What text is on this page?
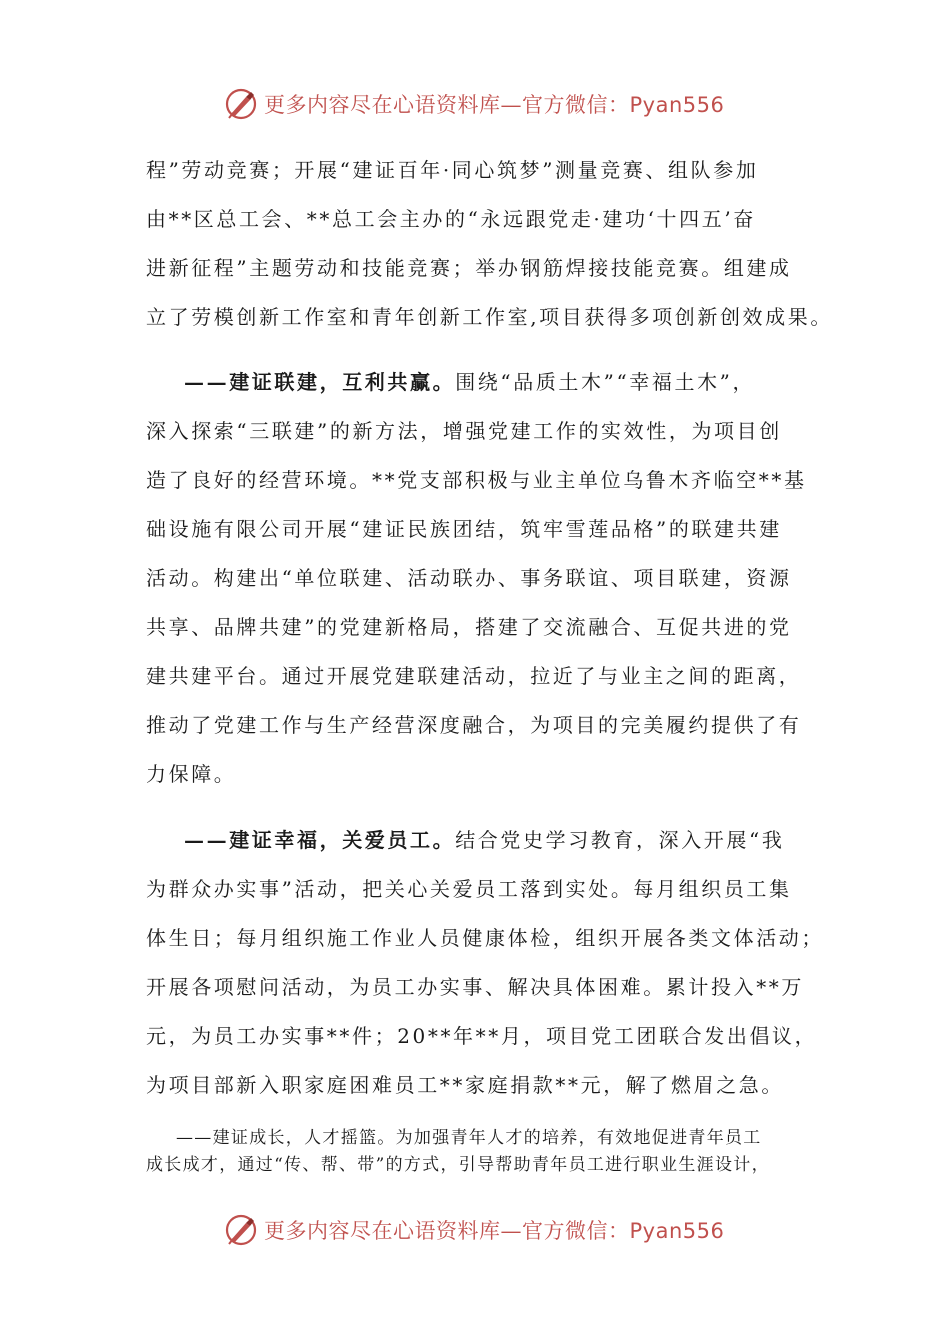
更多内容尽在心语资料库—官方微信：Pyan556
程”劳动竞赛；开展“建证百年·同心筑梦”测量竞赛、组队参加
由**区总工会、**总工会主办的“永远跟党走·建功‘十四五’奋
进新征程”主题劳动和技能竞赛；举办钢筋焊接技能竞赛。组建成
立了劳模创新工作室和青年创新工作室,项目获得多项创新创效成果。
——建证联建，互利共赢。围绕“品质土木”“幸福土木”，
深入探索“三联建”的新方法，增强党建工作的实效性，为项目创
造了良好的经营环境。**党支部积极与业主单位乌鲁木齐临空**基
础设施有限公司开展“建证民族团结，筑牢雪莲品格”的联建共建
活动。构建出“单位联建、活动联办、事务联谊、项目联建，资源
共享、品牌共建”的党建新格局，搭建了交流融合、互促共进的党
建共建平台。通过开展党建联建活动，拉近了与业主之间的距离，
推动了党建工作与生产经营深度融合，为项目的完美履约提供了有
力保障。
——建证幸福，关爱员工。结合党史学习教育，深入开展“我
为群众办实事”活动，把关心关爱员工落到实处。每月组织员工集
体生日；每月组织施工作业人员健康体检，组织开展各类文体活动；
开展各项慰问活动，为员工办实事、解决具体困难。累计投入**万
元，为员工办实事**件；20**年**月，项目党工团联合发出倡议，
为项目部新入职家庭困难员工**家庭捐款**元，解了燃眉之急。
——建证成长，人才摇篮。为加强青年人才的培养，有效地促进青年员工
成长成才，通过“传、帮、带”的方式，引导帮助青年员工进行职业生涯设计，
更多内容尽在心语资料库—官方微信：Pyan556
